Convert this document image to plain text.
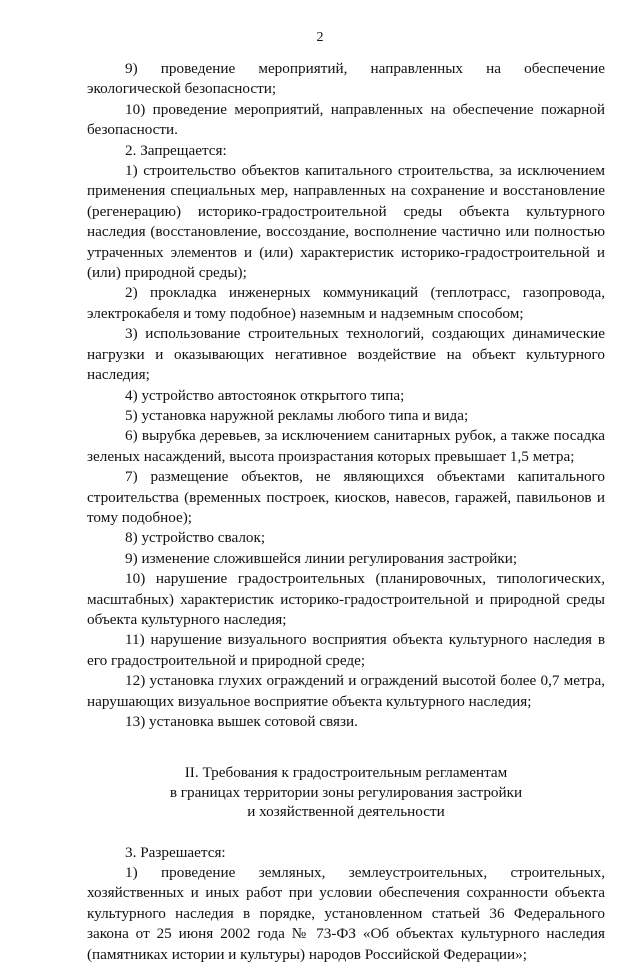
2

9) проведение мероприятий, направленных на обеспечение экологической безопасности;

10) проведение мероприятий, направленных на обеспечение пожарной безопасности.

2. Запрещается:

1) строительство объектов капитального строительства, за исключением применения специальных мер, направленных на сохранение и восстановление (регенерацию) историко-градостроительной среды объекта культурного наследия (восстановление, воссоздание, восполнение частично или полностью утраченных элементов и (или) характеристик историко-градостроительной и (или) природной среды);

2) прокладка инженерных коммуникаций (теплотрасс, газопровода, электрокабеля и тому подобное) наземным и надземным способом;

3) использование строительных технологий, создающих динамические нагрузки и оказывающих негативное воздействие на объект культурного наследия;

4) устройство автостоянок открытого типа;

5) установка наружной рекламы любого типа и вида;

6) вырубка деревьев, за исключением санитарных рубок, а также посадка зеленых насаждений, высота произрастания которых превышает 1,5 метра;

7) размещение объектов, не являющихся объектами капитального строительства (временных построек, киосков, навесов, гаражей, павильонов и тому подобное);

8) устройство свалок;

9) изменение сложившейся линии регулирования застройки;

10) нарушение градостроительных (планировочных, типологических, масштабных) характеристик историко-градостроительной и природной среды объекта культурного наследия;

11) нарушение визуального восприятия объекта культурного наследия в его градостроительной и природной среде;

12) установка глухих ограждений и ограждений высотой более 0,7 метра, нарушающих визуальное восприятие объекта культурного наследия;

13) установка вышек сотовой связи.

II. Требования к градостроительным регламентам
в границах территории зоны регулирования застройки
и хозяйственной деятельности

3. Разрешается:

1) проведение земляных, землеустроительных, строительных, хозяйственных и иных работ при условии обеспечения сохранности объекта культурного наследия в порядке, установленном статьей 36 Федерального закона от 25 июня 2002 года № 73-ФЗ «Об объектах культурного наследия (памятниках истории и культуры) народов Российской Федерации»;
